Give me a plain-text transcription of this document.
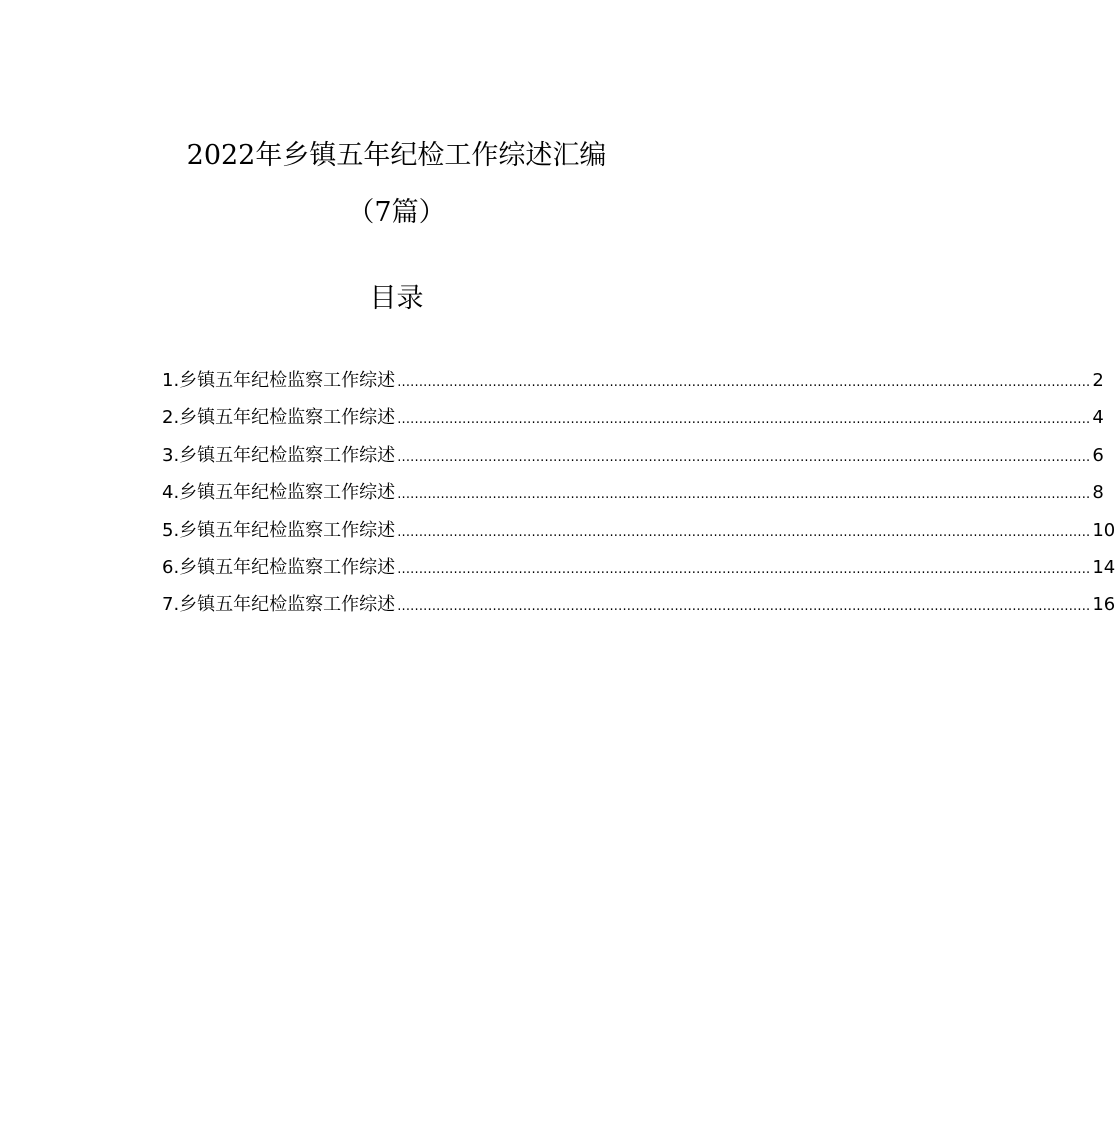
2022年乡镇五年纪检工作综述汇编
（7篇）
目录
1.乡镇五年纪检监察工作综述 ................................................................................................................................................................ 2
2.乡镇五年纪检监察工作综述 ................................................................................................................................................................ 4
3.乡镇五年纪检监察工作综述 ................................................................................................................................................................ 6
4.乡镇五年纪检监察工作综述 ................................................................................................................................................................ 8
5.乡镇五年纪检监察工作综述 ................................................................................................................................................................ 10
6.乡镇五年纪检监察工作综述 ................................................................................................................................................................ 14
7.乡镇五年纪检监察工作综述 ................................................................................................................................................................ 16
